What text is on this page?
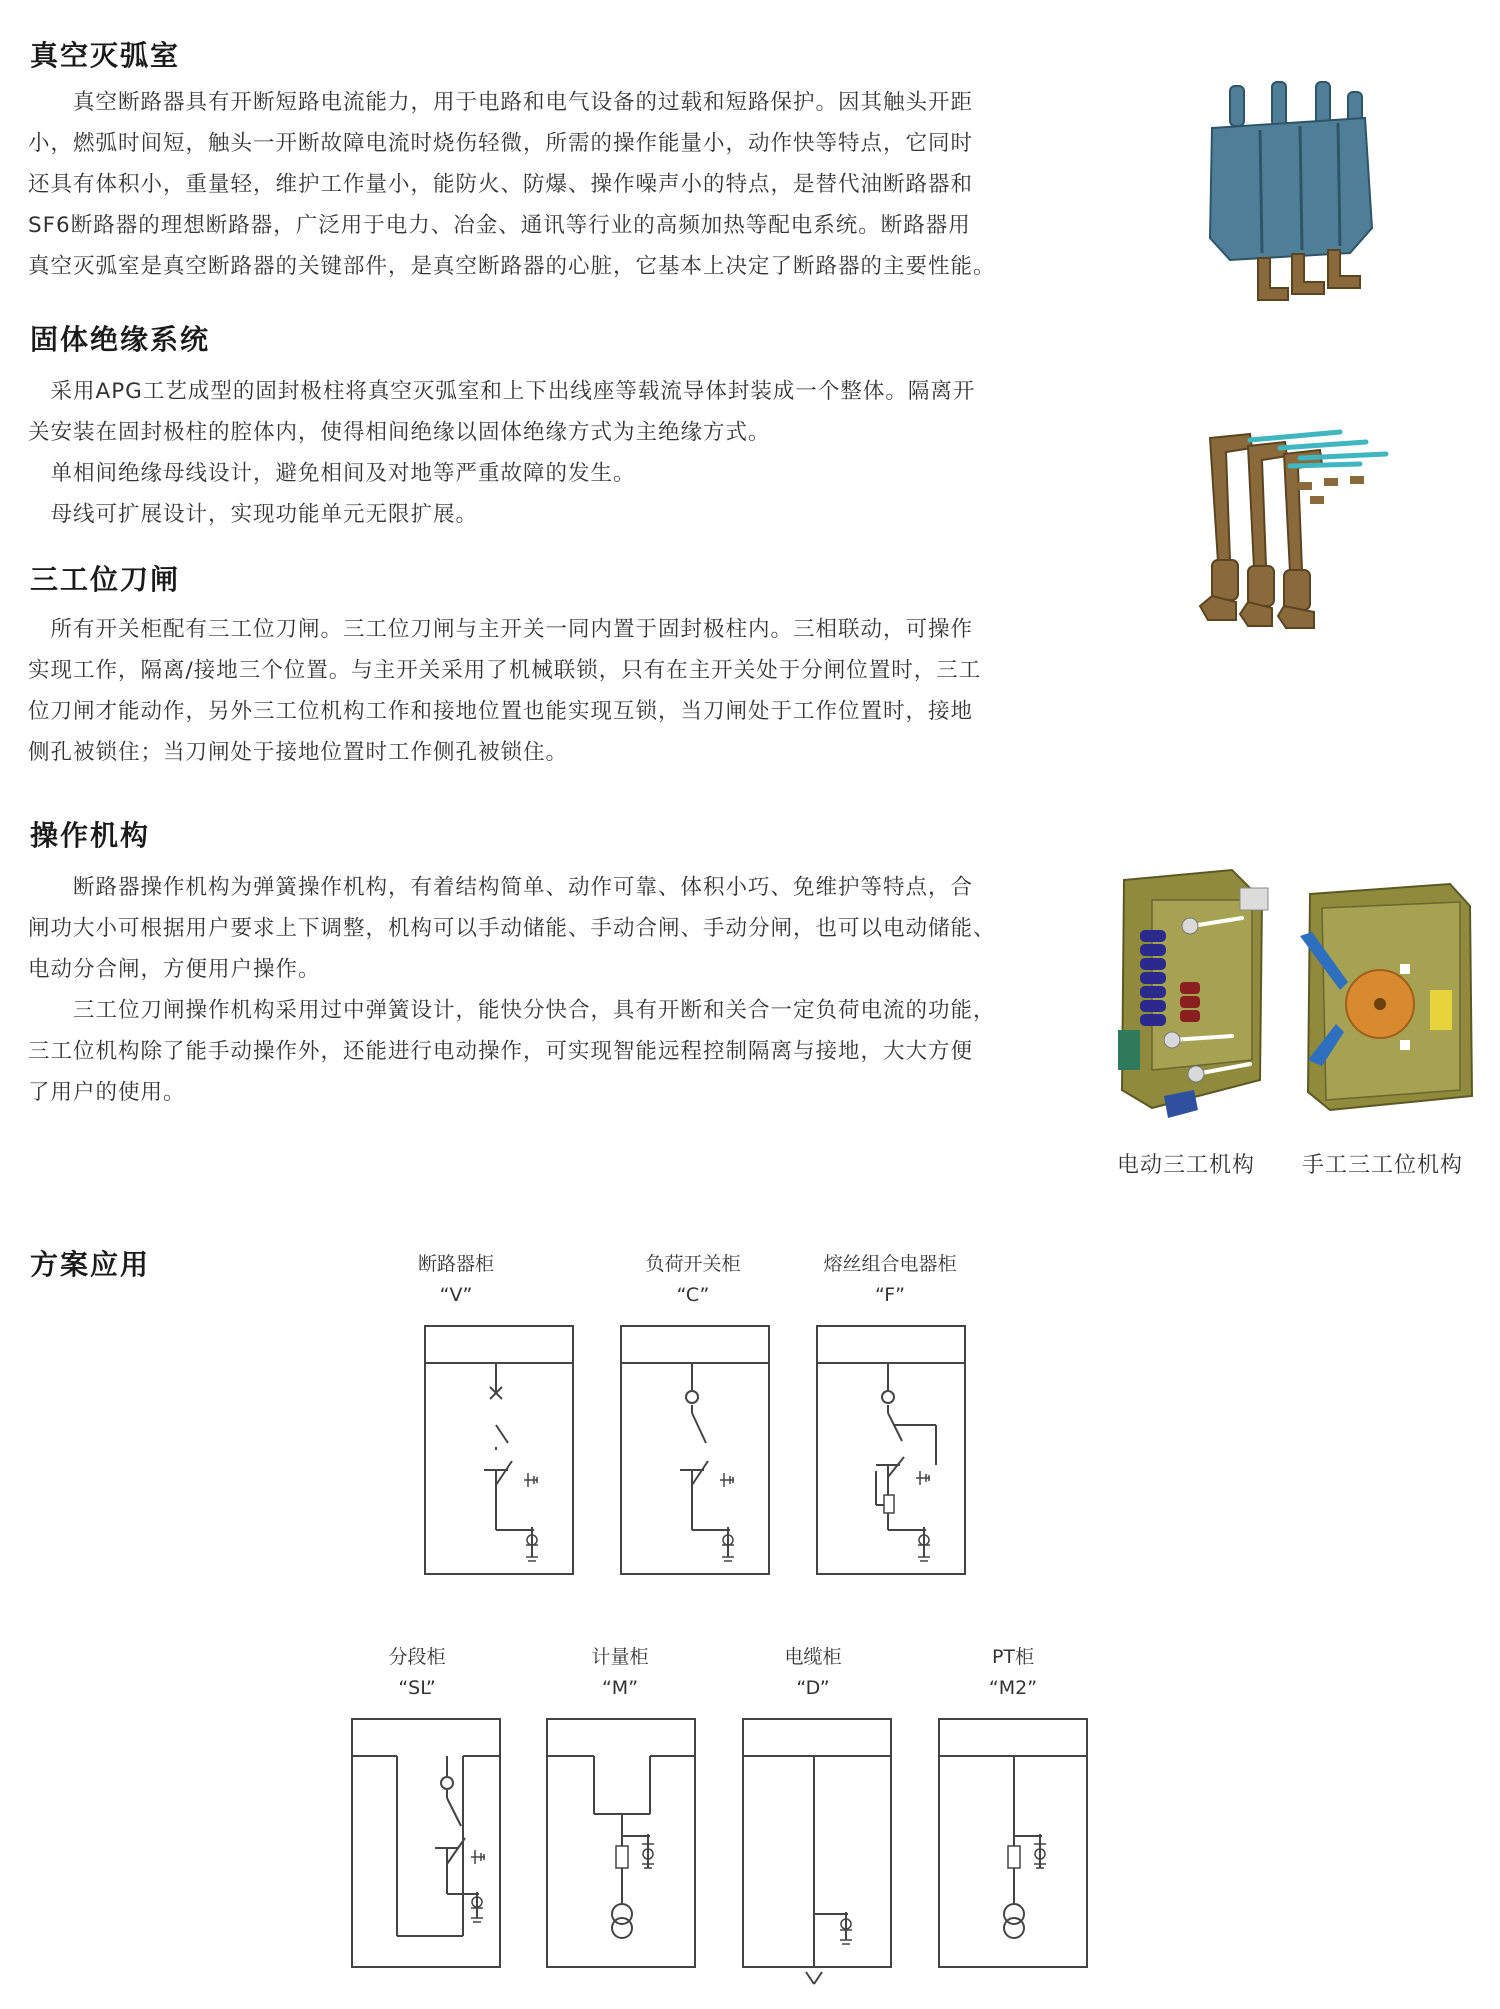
真空灭弧室

　　真空断路器具有开断短路电流能力，用于电路和电气设备的过载和短路保护。因其触头开距

小，燃弧时间短，触头一开断故障电流时烧伤轻微，所需的操作能量小，动作快等特点，它同时

还具有体积小，重量轻，维护工作量小，能防火、防爆、操作噪声小的特点，是替代油断路器和

SF6断路器的理想断路器，广泛用于电力、冶金、通讯等行业的高频加热等配电系统。断路器用

真空灭弧室是真空断路器的关键部件，是真空断路器的心脏，它基本上决定了断路器的主要性能。

固体绝缘系统

　采用APG工艺成型的固封极柱将真空灭弧室和上下出线座等载流导体封装成一个整体。隔离开

关安装在固封极柱的腔体内，使得相间绝缘以固体绝缘方式为主绝缘方式。

　单相间绝缘母线设计，避免相间及对地等严重故障的发生。

　母线可扩展设计，实现功能单元无限扩展。

三工位刀闸

　所有开关柜配有三工位刀闸。三工位刀闸与主开关一同内置于固封极柱内。三相联动，可操作

实现工作，隔离/接地三个位置。与主开关采用了机械联锁，只有在主开关处于分闸位置时，三工

位刀闸才能动作，另外三工位机构工作和接地位置也能实现互锁，当刀闸处于工作位置时，接地

侧孔被锁住；当刀闸处于接地位置时工作侧孔被锁住。

操作机构

　　断路器操作机构为弹簧操作机构，有着结构简单、动作可靠、体积小巧、免维护等特点，合

闸功大小可根据用户要求上下调整，机构可以手动储能、手动合闸、手动分闸，也可以电动储能、

电动分合闸，方便用户操作。

　　三工位刀闸操作机构采用过中弹簧设计，能快分快合，具有开断和关合一定负荷电流的功能，

三工位机构除了能手动操作外，还能进行电动操作，可实现智能远程控制隔离与接地，大大方便

了用户的使用。

电动三工机构 手工三工位机构
方案应用	断路器柜
“V”
负荷开关柜
“C”
熔丝组合电器柜
“F”
分段柜
“SL”
计量柜
“M”
电缆柜
“D”
PT柜
“M2”
